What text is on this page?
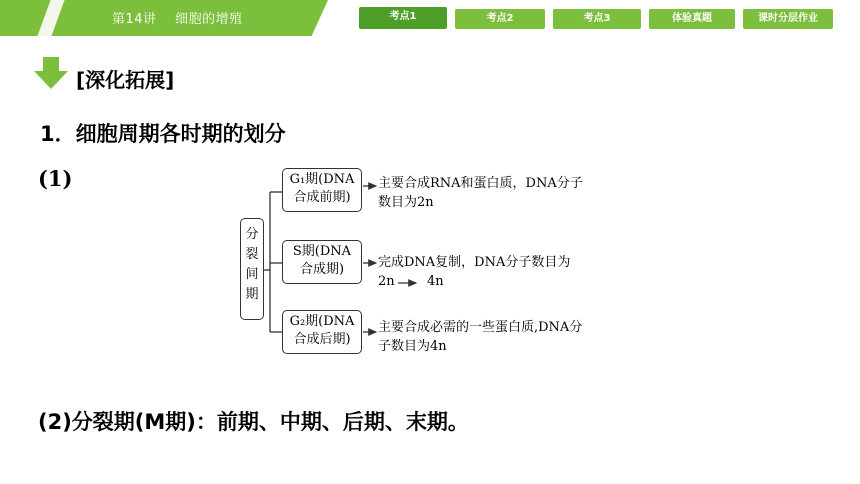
第14讲    细胞的增殖	考点1	考点2	考点3	体验真题	课时分层作业
[深化拓展]
1．细胞周期各时期的划分
(1)
分
裂
间
期
G₁期(DNA
合成前期)
主要合成RNA和蛋白质，DNA分子
数目为2n
S期(DNA
合成期)	完成DNA复制，DNA分子数目为
2n 4n
G₂期(DNA
合成后期)
主要合成必需的一些蛋白质,DNA分
子数目为4n
(2)分裂期(M期)：前期、中期、后期、末期。
